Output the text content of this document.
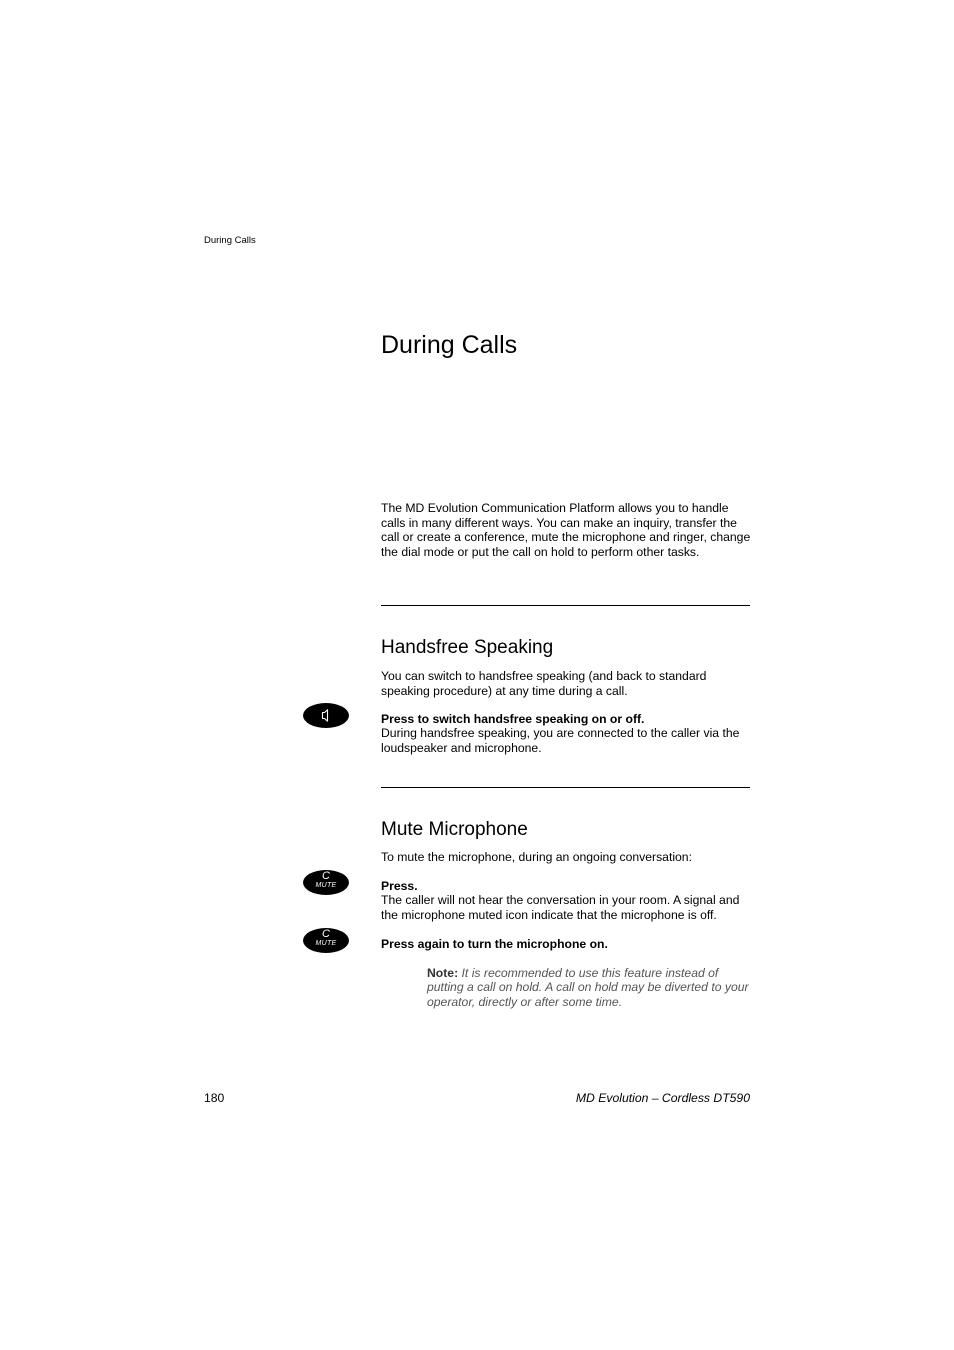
During Calls
During Calls
The MD Evolution Communication Platform allows you to handle calls in many different ways. You can make an inquiry, transfer the call or create a conference, mute the microphone and ringer, change the dial mode or put the call on hold to perform other tasks.
Handsfree Speaking
You can switch to handsfree speaking (and back to standard speaking procedure) at any time during a call.
Press to switch handsfree speaking on or off.
During handsfree speaking, you are connected to the caller via the loudspeaker and microphone.
Mute Microphone
To mute the microphone, during an ongoing conversation:
C
MUTE	Press.
The caller will not hear the conversation in your room. A signal and the microphone muted icon indicate that the microphone is off.
C
MUTE	Press again to turn the microphone on.
Note: It is recommended to use this feature instead of putting a call on hold. A call on hold may be diverted to your operator, directly or after some time.
180	MD Evolution – Cordless DT590
